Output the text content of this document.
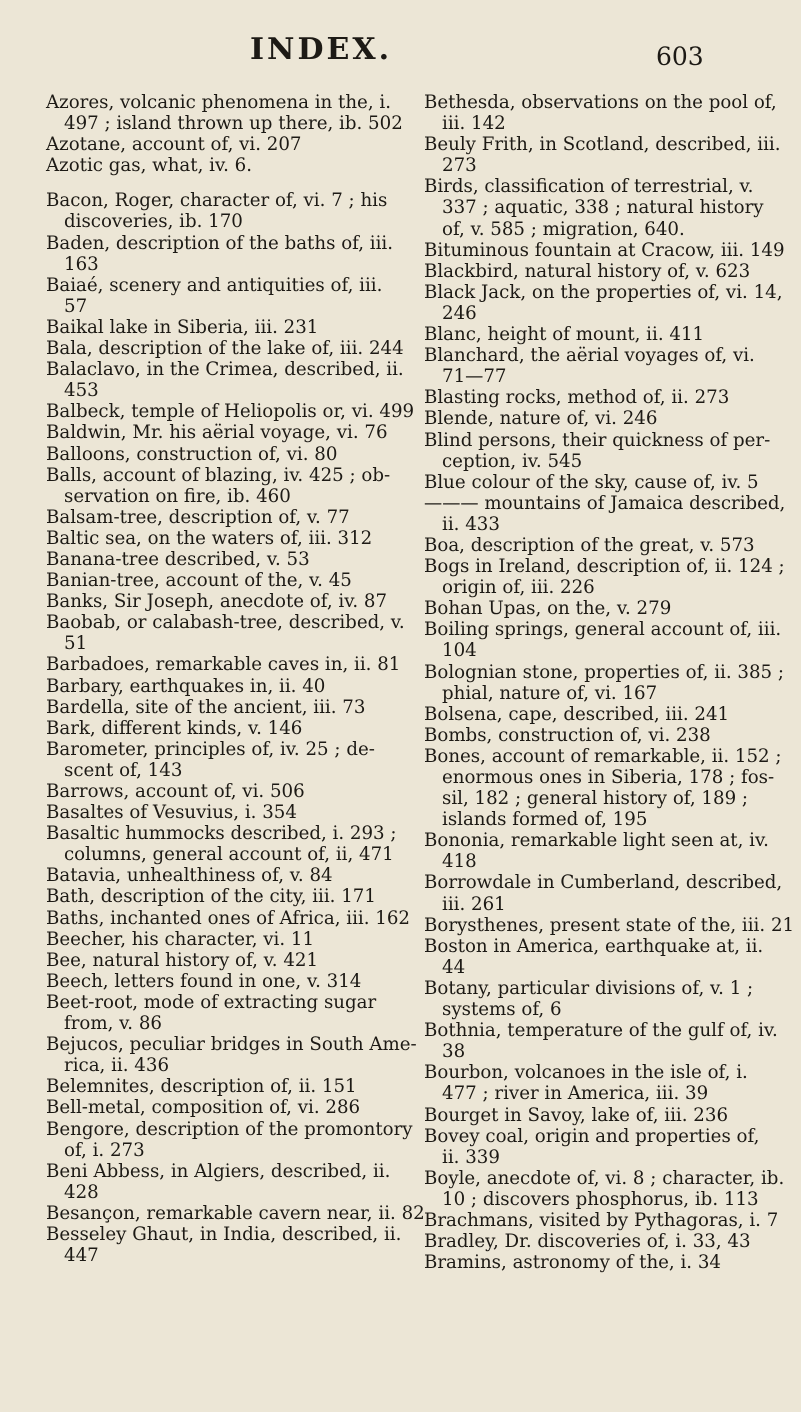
INDEX.	603
Azores, volcanic phenomena in the, i.
497 ; island thrown up there, ib. 502
Azotane, account of, vi. 207
Azotic gas, what, iv. 6.
Bacon, Roger, character of, vi. 7 ; his
discoveries, ib. 170
Baden, description of the baths of, iii.
163
Baiaé, scenery and antiquities of, iii.
57
Baikal lake in Siberia, iii. 231
Bala, description of the lake of, iii. 244
Balaclavo, in the Crimea, described, ii.
453
Balbeck, temple of Heliopolis or, vi. 499
Baldwin, Mr. his aërial voyage, vi. 76
Balloons, construction of, vi. 80
Balls, account of blazing, iv. 425 ; ob-
servation on fire, ib. 460
Balsam-tree, description of, v. 77
Baltic sea, on the waters of, iii. 312
Banana-tree described, v. 53
Banian-tree, account of the, v. 45
Banks, Sir Joseph, anecdote of, iv. 87
Baobab, or calabash-tree, described, v.
51
Barbadoes, remarkable caves in, ii. 81
Barbary, earthquakes in, ii. 40
Bardella, site of the ancient, iii. 73
Bark, different kinds, v. 146
Barometer, principles of, iv. 25 ; de-
scent of, 143
Barrows, account of, vi. 506
Basaltes of Vesuvius, i. 354
Basaltic hummocks described, i. 293 ;
columns, general account of, ii, 471
Batavia, unhealthiness of, v. 84
Bath, description of the city, iii. 171
Baths, inchanted ones of Africa, iii. 162
Beecher, his character, vi. 11
Bee, natural history of, v. 421
Beech, letters found in one, v. 314
Beet-root, mode of extracting sugar
from, v. 86
Bejucos, peculiar bridges in South Ame-
rica, ii. 436
Belemnites, description of, ii. 151
Bell-metal, composition of, vi. 286
Bengore, description of the promontory
of, i. 273
Beni Abbess, in Algiers, described, ii.
428
Besançon, remarkable cavern near, ii. 82
Besseley Ghaut, in India, described, ii.
447
Bethesda, observations on the pool of,
iii. 142
Beuly Frith, in Scotland, described, iii.
273
Birds, classification of terrestrial, v.
337 ; aquatic, 338 ; natural history
of, v. 585 ; migration, 640.
Bituminous fountain at Cracow, iii. 149
Blackbird, natural history of, v. 623
Black Jack, on the properties of, vi. 14,
246
Blanc, height of mount, ii. 411
Blanchard, the aërial voyages of, vi.
71—77
Blasting rocks, method of, ii. 273
Blende, nature of, vi. 246
Blind persons, their quickness of per-
ception, iv. 545
Blue colour of the sky, cause of, iv. 5
——— mountains of Jamaica described,
ii. 433
Boa, description of the great, v. 573
Bogs in Ireland, description of, ii. 124 ;
origin of, iii. 226
Bohan Upas, on the, v. 279
Boiling springs, general account of, iii.
104
Bolognian stone, properties of, ii. 385 ;
phial, nature of, vi. 167
Bolsena, cape, described, iii. 241
Bombs, construction of, vi. 238
Bones, account of remarkable, ii. 152 ;
enormous ones in Siberia, 178 ; fos-
sil, 182 ; general history of, 189 ;
islands formed of, 195
Bononia, remarkable light seen at, iv.
418
Borrowdale in Cumberland, described,
iii. 261
Borysthenes, present state of the, iii. 21
Boston in America, earthquake at, ii.
44
Botany, particular divisions of, v. 1 ;
systems of, 6
Bothnia, temperature of the gulf of, iv.
38
Bourbon, volcanoes in the isle of, i.
477 ; river in America, iii. 39
Bourget in Savoy, lake of, iii. 236
Bovey coal, origin and properties of,
ii. 339
Boyle, anecdote of, vi. 8 ; character, ib.
10 ; discovers phosphorus, ib. 113
Brachmans, visited by Pythagoras, i. 7
Bradley, Dr. discoveries of, i. 33, 43
Bramins, astronomy of the, i. 34
